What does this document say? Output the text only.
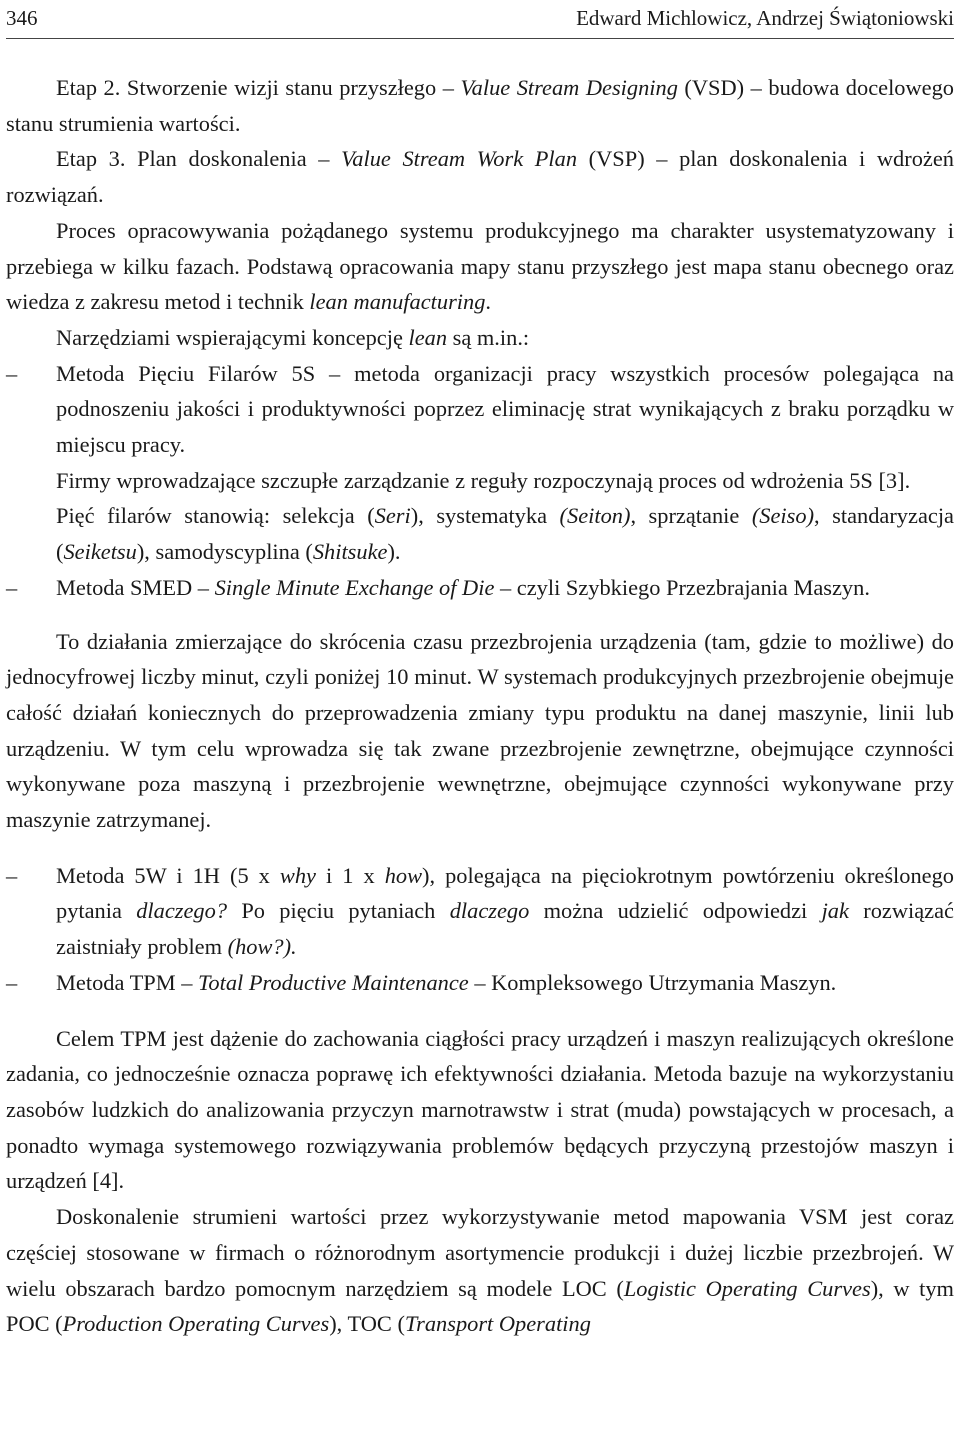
346	Edward Michlowicz, Andrzej Świątoniowski

Etap 2. Stworzenie wizji stanu przyszłego – Value Stream Designing (VSD) – budowa docelowego stanu strumienia wartości.

Etap 3. Plan doskonalenia – Value Stream Work Plan (VSP) – plan doskonalenia i wdrożeń rozwiązań.

Proces opracowywania pożądanego systemu produkcyjnego ma charakter usystematyzowany i przebiega w kilku fazach. Podstawą opracowania mapy stanu przyszłego jest mapa stanu obecnego oraz wiedza z zakresu metod i technik lean manufacturing.

Narzędziami wspierającymi koncepcję lean są m.in.:

–	Metoda Pięciu Filarów 5S – metoda organizacji pracy wszystkich procesów polegająca na podnoszeniu jakości i produktywności poprzez eliminację strat wynikających z braku porządku w miejscu pracy.

Firmy wprowadzające szczupłe zarządzanie z reguły rozpoczynają proces od wdrożenia 5S [3].

Pięć filarów stanowią: selekcja (Seri), systematyka (Seiton), sprzątanie (Seiso), standaryzacja (Seiketsu), samodyscyplina (Shitsuke).

–	Metoda SMED – Single Minute Exchange of Die – czyli Szybkiego Przezbrajania Maszyn.

To działania zmierzające do skrócenia czasu przezbrojenia urządzenia (tam, gdzie to możliwe) do jednocyfrowej liczby minut, czyli poniżej 10 minut. W systemach produkcyjnych przezbrojenie obejmuje całość działań koniecznych do przeprowadzenia zmiany typu produktu na danej maszynie, linii lub urządzeniu. W tym celu wprowadza się tak zwane przezbrojenie zewnętrzne, obejmujące czynności wykonywane poza maszyną i przezbrojenie wewnętrzne, obejmujące czynności wykonywane przy maszynie zatrzymanej.

–	Metoda 5W i 1H (5 x why i 1 x how), polegająca na pięciokrotnym powtórzeniu określonego pytania dlaczego? Po pięciu pytaniach dlaczego można udzielić odpowiedzi jak rozwiązać zaistniały problem (how?).
–	Metoda TPM – Total Productive Maintenance – Kompleksowego Utrzymania Maszyn.

Celem TPM jest dążenie do zachowania ciągłości pracy urządzeń i maszyn realizujących określone zadania, co jednocześnie oznacza poprawę ich efektywności działania. Metoda bazuje na wykorzystaniu zasobów ludzkich do analizowania przyczyn marnotrawstw i strat (muda) powstających w procesach, a ponadto wymaga systemowego rozwiązywania problemów będących przyczyną przestojów maszyn i urządzeń [4].

Doskonalenie strumieni wartości przez wykorzystywanie metod mapowania VSM jest coraz częściej stosowane w firmach o różnorodnym asortymencie produkcji i dużej liczbie przezbrojeń. W wielu obszarach bardzo pomocnym narzędziem są modele LOC (Logistic Operating Curves), w tym POC (Production Operating Curves), TOC (Transport Operating
